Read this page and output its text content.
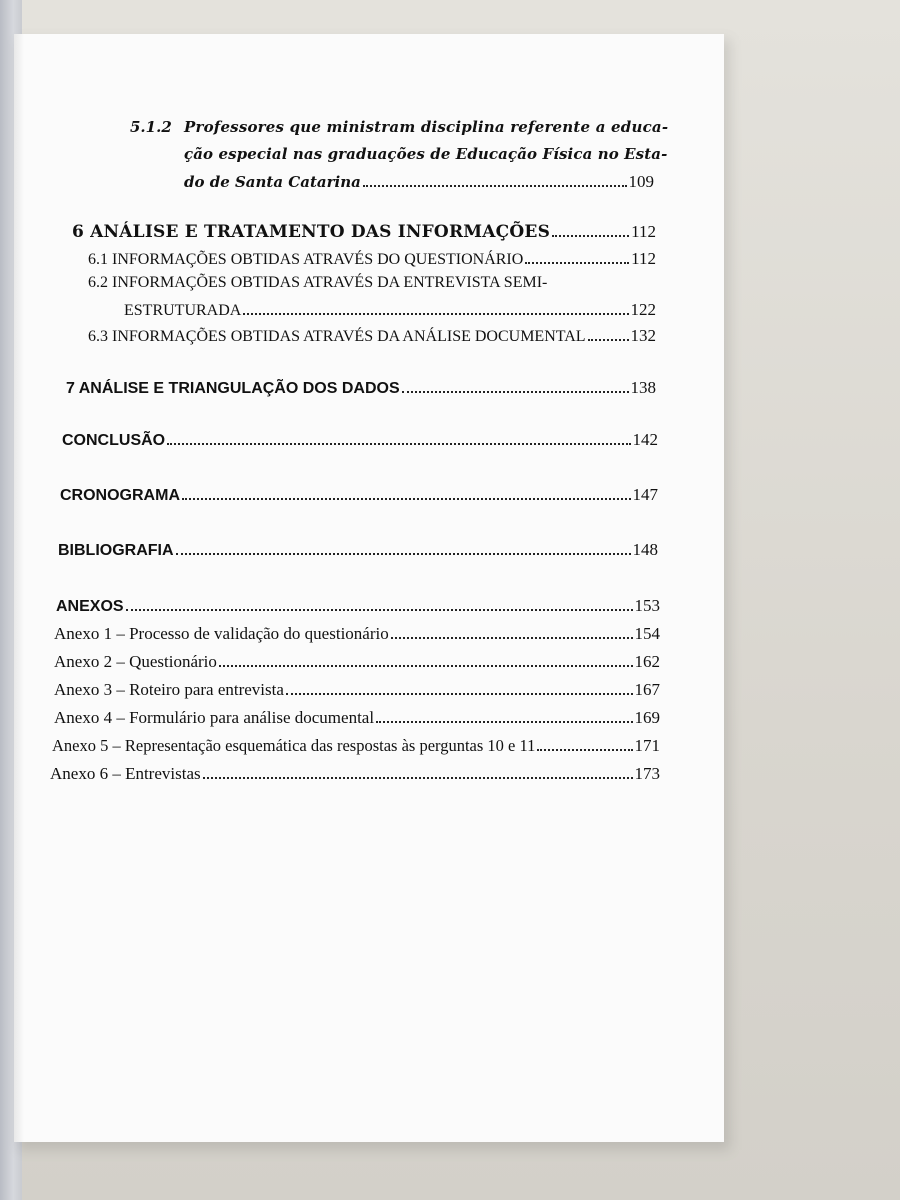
5.1.2 Professores que ministram disciplina referente a educa-
ção especial nas graduações de Educação Física no Esta-
do de Santa Catarina	109
6 ANÁLISE E TRATAMENTO DAS INFORMAÇÕES	112
6.1 INFORMAÇÕES OBTIDAS ATRAVÉS DO QUESTIONÁRIO	112
6.2 INFORMAÇÕES OBTIDAS ATRAVÉS DA ENTREVISTA SEMI-
ESTRUTURADA	122
6.3 INFORMAÇÕES OBTIDAS ATRAVÉS DA ANÁLISE DOCUMENTAL	132
7 ANÁLISE E TRIANGULAÇÃO DOS DADOS	138
CONCLUSÃO	142
CRONOGRAMA	147
BIBLIOGRAFIA	148
ANEXOS	153
Anexo 1 – Processo de validação do questionário	154
Anexo 2 – Questionário	162
Anexo 3 – Roteiro para entrevista	167
Anexo 4 – Formulário para análise documental	169
Anexo 5 – Representação esquemática das respostas às perguntas 10 e 11	171
Anexo 6 – Entrevistas	173
